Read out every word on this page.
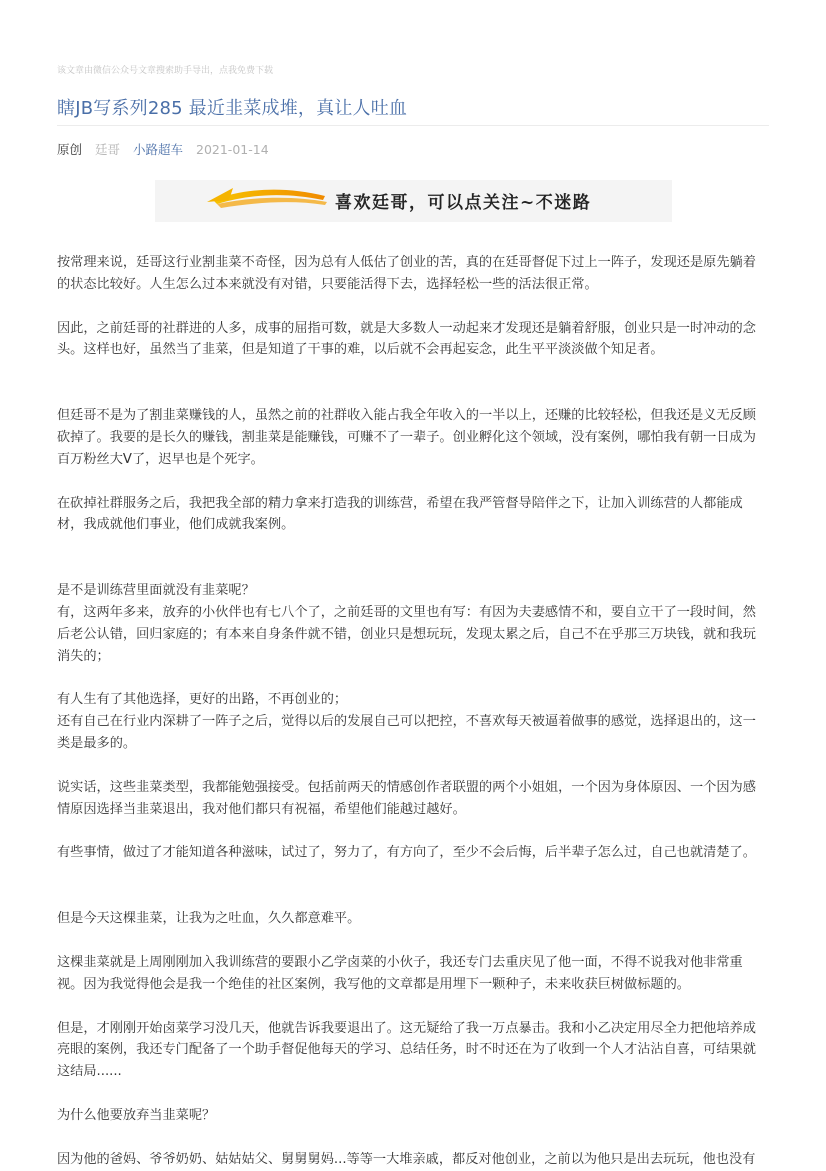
该文章由微信公众号文章搜索助手导出，点我免费下载
瞎JB写系列285 最近韭菜成堆，真让人吐血
原创 廷哥 小路超车 2021-01-14
喜欢廷哥，可以点关注~不迷路

按常理来说，廷哥这行业割韭菜不奇怪，因为总有人低估了创业的苦，真的在廷哥督促下过上一阵子，发现还是原先躺着的状态比较好。人生怎么过本来就没有对错，只要能活得下去，选择轻松一些的活法很正常。

因此，之前廷哥的社群进的人多，成事的屈指可数，就是大多数人一动起来才发现还是躺着舒服，创业只是一时冲动的念头。这样也好，虽然当了韭菜，但是知道了干事的难，以后就不会再起妄念，此生平平淡淡做个知足者。

但廷哥不是为了割韭菜赚钱的人，虽然之前的社群收入能占我全年收入的一半以上，还赚的比较轻松，但我还是义无反顾砍掉了。我要的是长久的赚钱，割韭菜是能赚钱，可赚不了一辈子。创业孵化这个领域，没有案例，哪怕我有朝一日成为百万粉丝大V了，迟早也是个死字。

在砍掉社群服务之后，我把我全部的精力拿来打造我的训练营，希望在我严管督导陪伴之下，让加入训练营的人都能成材，我成就他们事业，他们成就我案例。

是不是训练营里面就没有韭菜呢？

有，这两年多来，放弃的小伙伴也有七八个了，之前廷哥的文里也有写：有因为夫妻感情不和，要自立干了一段时间，然后老公认错，回归家庭的；有本来自身条件就不错，创业只是想玩玩，发现太累之后，自己不在乎那三万块钱，就和我玩消失的；

有人生有了其他选择，更好的出路，不再创业的；

还有自己在行业内深耕了一阵子之后，觉得以后的发展自己可以把控，不喜欢每天被逼着做事的感觉，选择退出的，这一类是最多的。

说实话，这些韭菜类型，我都能勉强接受。包括前两天的情感创作者联盟的两个小姐姐，一个因为身体原因、一个因为感情原因选择当韭菜退出，我对他们都只有祝福，希望他们能越过越好。

有些事情，做过了才能知道各种滋味，试过了，努力了，有方向了，至少不会后悔，后半辈子怎么过，自己也就清楚了。

但是今天这棵韭菜，让我为之吐血，久久都意难平。

这棵韭菜就是上周刚刚加入我训练营的要跟小乙学卤菜的小伙子，我还专门去重庆见了他一面，不得不说我对他非常重视。因为我觉得他会是我一个绝佳的社区案例，我写他的文章都是用埋下一颗种子，未来收获巨树做标题的。

但是，才刚刚开始卤菜学习没几天，他就告诉我要退出了。这无疑给了我一万点暴击。我和小乙决定用尽全力把他培养成亮眼的案例，我还专门配备了一个助手督促他每天的学习、总结任务，时不时还在为了收到一个人才沾沾自喜，可结果就这结局......

为什么他要放弃当韭菜呢？

因为他的爸妈、爷爷奶奶、姑姑姑父、舅舅舅妈...等等一大堆亲戚，都反对他创业，之前以为他只是出去玩玩，他也没有
